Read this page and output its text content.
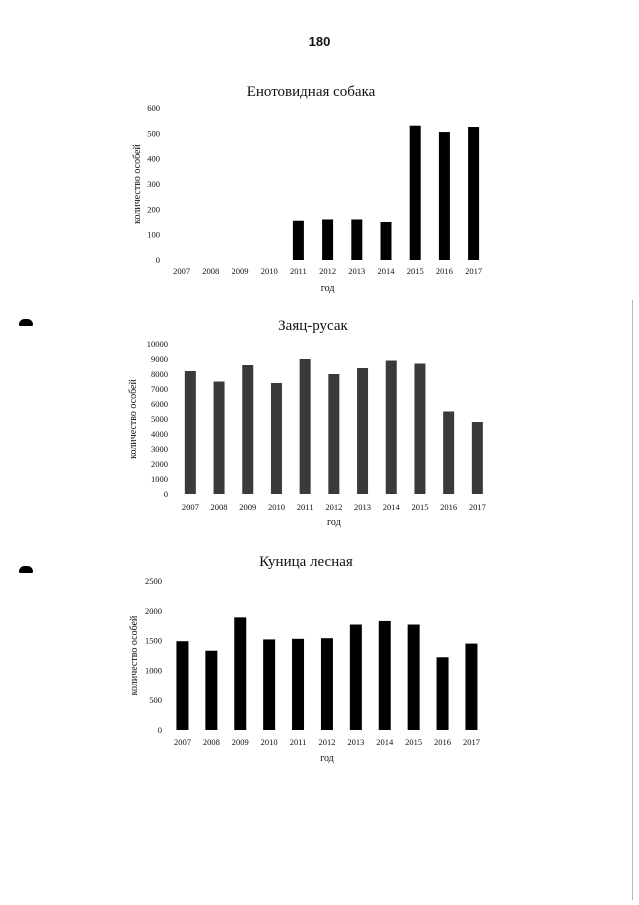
180
Енотовидная собака
0
100
200
300
400
500
600
2007 2008 2009 2010 2011 2012 2013 2014 2015 2016 2017
год
количество особей
Заяц-русак
0
1000
2000
3000
4000
5000
6000
7000
8000
9000
10000
2007 2008 2009 2010 2011 2012 2013 2014 2015 2016 2017
год
количество особей
Куница лесная
0
500
1000
1500
2000
2500
2007 2008 2009 2010 2011 2012 2013 2014 2015 2016 2017
год
количество особей
